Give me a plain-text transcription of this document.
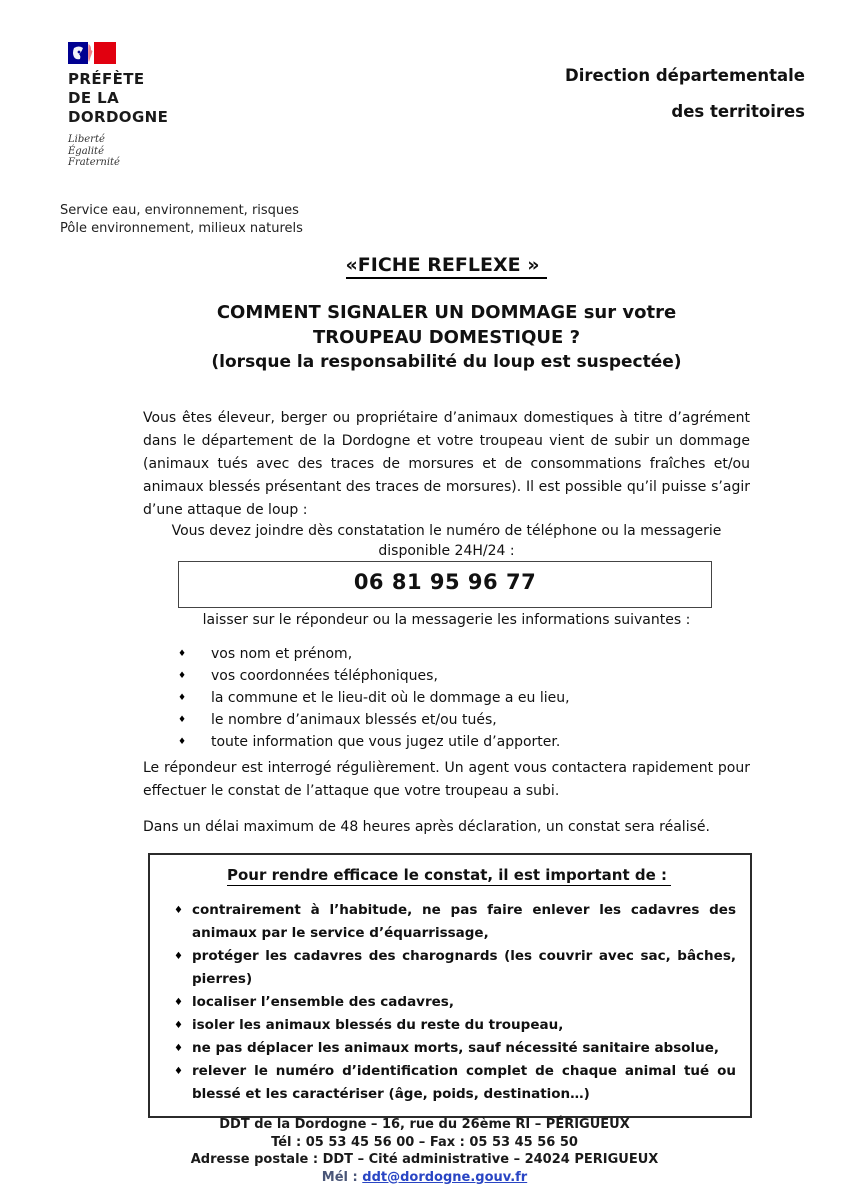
PRÉFÈTE
DE LA
DORDOGNE
Liberté
Égalité
Fraternité
Direction départementale
des territoires
Service eau, environnement, risques
Pôle environnement, milieux naturels
«FICHE REFLEXE »
COMMENT SIGNALER UN DOMMAGE sur votre
TROUPEAU DOMESTIQUE ?
(lorsque la responsabilité du loup est suspectée)
Vous êtes éleveur, berger ou propriétaire d’animaux domestiques à titre d’agrément dans le département de la Dordogne et votre troupeau vient de subir un dommage (animaux tués avec des traces de morsures et de consommations fraîches et/ou animaux blessés présentant des traces de morsures). Il est possible qu’il puisse s’agir d’une attaque de loup :
Vous devez joindre dès constatation le numéro de téléphone ou la messagerie
disponible 24H/24 :
06 81 95 96 77
laisser sur le répondeur ou la messagerie les informations suivantes :
♦	vos nom et prénom,
♦	vos coordonnées téléphoniques,
♦	la commune et le lieu-dit où le dommage a eu lieu,
♦	le nombre d’animaux blessés et/ou tués,
♦	toute information que vous jugez utile d’apporter.
Le répondeur est interrogé régulièrement. Un agent vous contactera rapidement pour effectuer le constat de l’attaque que votre troupeau a subi.
Dans un délai maximum de 48 heures après déclaration, un constat sera réalisé.
Pour rendre efficace le constat, il est important de :
♦ contrairement à l’habitude, ne pas faire enlever les cadavres des animaux par le service d’équarrissage,
♦ protéger les cadavres des charognards (les couvrir avec sac, bâches, pierres)
♦ localiser l’ensemble des cadavres,
♦ isoler les animaux blessés du reste du troupeau,
♦ ne pas déplacer les animaux morts, sauf nécessité sanitaire absolue,
♦ relever le numéro d’identification complet de chaque animal tué ou blessé et les caractériser (âge, poids, destination…)
DDT de la Dordogne – 16, rue du 26ème RI – PÉRIGUEUX
Tél : 05 53 45 56 00 – Fax : 05 53 45 56 50
Adresse postale : DDT – Cité administrative – 24024 PERIGUEUX
Mél : ddt@dordogne.gouv.fr
